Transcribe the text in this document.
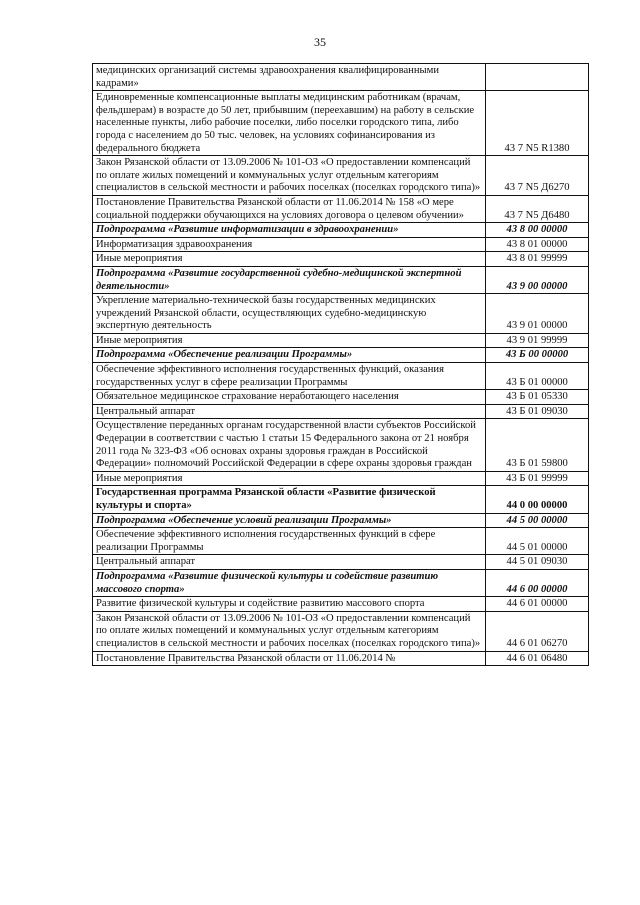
35
медицинских организаций системы здравоохранения квалифицированными кадрами»	
Единовременные компенсационные выплаты медицинским работникам (врачам, фельдшерам) в возрасте до 50 лет, прибывшим (переехавшим) на работу в сельские населенные пункты, либо рабочие поселки, либо поселки городского типа, либо города с населением до 50 тыс. человек, на условиях софинансирования из федерального бюджета	43 7 N5 R1380
Закон Рязанской области от 13.09.2006 № 101-ОЗ «О предоставлении компенсаций по оплате жилых помещений и коммунальных услуг отдельным категориям специалистов в сельской местности и рабочих поселках (поселках городского типа)»	43 7 N5 Д6270
Постановление Правительства Рязанской области от 11.06.2014 № 158 «О мере социальной поддержки обучающихся на условиях договора о целевом обучении»	43 7 N5 Д6480
Подпрограмма «Развитие информатизации в здравоохранении»	43 8 00 00000
Информатизация здравоохранения	43 8 01 00000
Иные мероприятия	43 8 01 99999
Подпрограмма «Развитие государственной судебно-медицинской экспертной деятельности»	43 9 00 00000
Укрепление материально-технической базы государственных медицинских учреждений Рязанской области, осуществляющих судебно-медицинскую экспертную деятельность	43 9 01 00000
Иные мероприятия	43 9 01 99999
Подпрограмма «Обеспечение реализации Программы»	43 Б 00 00000
Обеспечение эффективного исполнения государственных функций, оказания государственных услуг в сфере реализации Программы	43 Б 01 00000
Обязательное медицинское страхование неработающего населения	43 Б 01 05330
Центральный аппарат	43 Б 01 09030
Осуществление переданных органам государственной власти субъектов Российской Федерации в соответствии с частью 1 статьи 15 Федерального закона от 21 ноября 2011 года № 323-ФЗ «Об основах охраны здоровья граждан в Российской Федерации» полномочий Российской Федерации в сфере охраны здоровья граждан	43 Б 01 59800
Иные мероприятия	43 Б 01 99999
Государственная программа Рязанской области «Развитие физической культуры и спорта»	44 0 00 00000
Подпрограмма «Обеспечение условий реализации Программы»	44 5 00 00000
Обеспечение эффективного исполнения государственных функций в сфере реализации Программы	44 5 01 00000
Центральный аппарат	44 5 01 09030
Подпрограмма «Развитие физической культуры и содействие развитию массового спорта»	44 6 00 00000
Развитие физической культуры и содействие развитию массового спорта	44 6 01 00000
Закон Рязанской области от 13.09.2006 № 101-ОЗ «О предоставлении компенсаций по оплате жилых помещений и коммунальных услуг отдельным категориям специалистов в сельской местности и рабочих поселках (поселках городского типа)»	44 6 01 06270
Постановление Правительства Рязанской области от 11.06.2014 №	44 6 01 06480
